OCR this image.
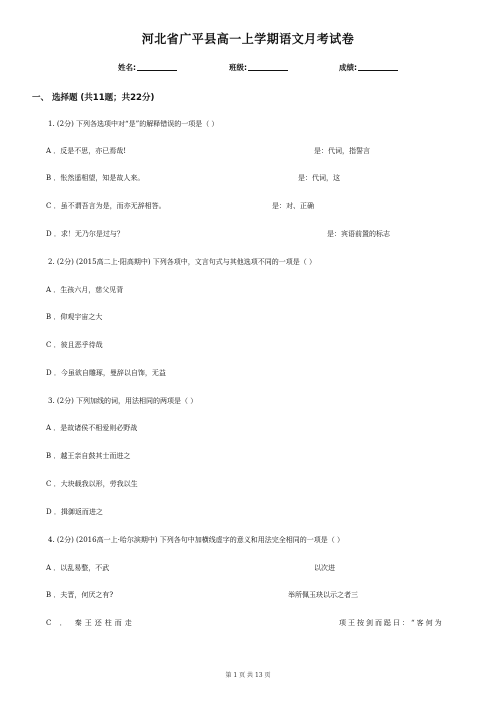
河北省广平县高一上学期语文月考试卷
姓名:	班级:	成绩:
一、 选择题 (共11题；共22分)
1. (2分) 下列各选项中对“是”的解释错误的一项是（ ）
A ．反是不思，亦已焉哉!	是：代词，指誓言
B ．怅然遥相望，知是故人来。	是：代词，这
C ．虽不谓吾言为是，而亦无辞相答。	是：对、正确
D ．求！无乃尔是过与？	是：宾语前置的标志
2. (2分) (2015高二上·阳高期中) 下列各项中，文言句式与其他选项不同的一项是（ ）
A ．生孩六月，慈父见背
B ．仰观宇宙之大
C ．彼且恶乎待哉
D ．今虽欲自雕琢，曼辞以自饰，无益
3. (2分) 下列加线的词，用法相同的两项是（ ）
A ．是故诸侯不相爱则必野战
B ．越王亲自鼓其士而进之
C ．大块载我以形，劳我以生
D ．揖御返而进之
4. (2分) (2016高一上·哈尔滨期中) 下列各句中加横线虚字的意义和用法完全相同的一项是（ ）
A ．以乱易整，不武	以次进
B ．夫晋，何厌之有?	举所佩玉玦以示之者三
C ． 秦王还柱而走	项王按剑而跽曰：“客何为
第 1 页 共 13 页
